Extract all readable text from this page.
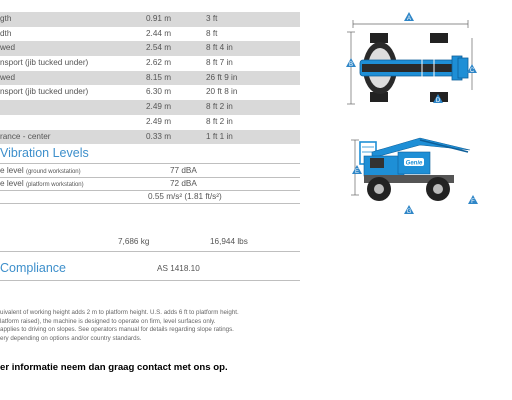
gth	0.91 m	3 ft
dth	2.44 m	8 ft
wed	2.54 m	8 ft 4 in
nsport (jib tucked under)	2.62 m	8 ft 7 in
wed	8.15 m	26 ft 9 in
nsport (jib tucked under)	6.30 m	20 ft 8 in
2.49 m	8 ft 2 in
2.49 m	8 ft 2 in
rance - center	0.33 m	1 ft 1 in
Vibration Levels
e level (ground workstation)	77 dBA
e level (platform workstation)	72 dBA
0.55 m/s² (1.81 ft/s²)
7,686 kg	16,944 lbs
Compliance	AS 1418.10
uivalent of working height adds 2 m to platform height. U.S. adds 6 ft to platform height.
latform raised), the machine is designed to operate on firm, level surfaces only.
applies to driving on slopes. See operators manual for details regarding slope ratings.
ery depending on options and/or country standards.
er informatie neem dan graag contact met ons op.
A
B
C
D
Genie
E
F
G
